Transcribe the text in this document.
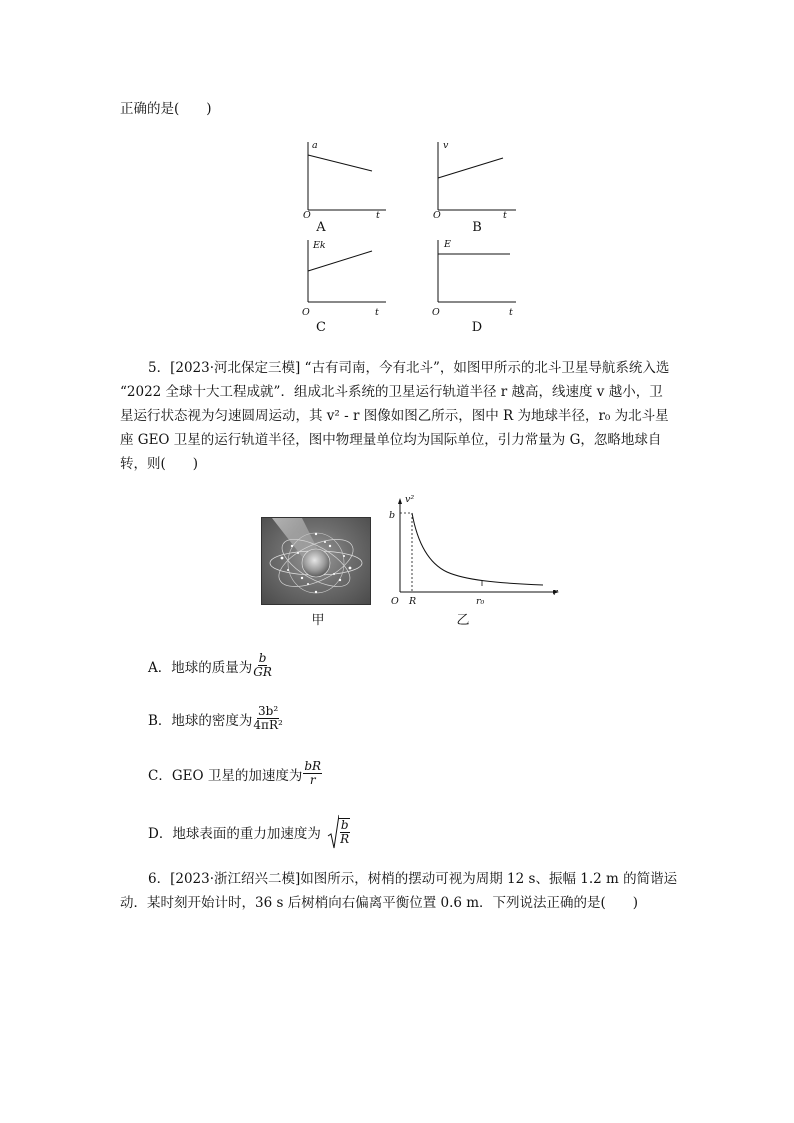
正确的是(　　)
a
O	t
A
v
O	t
B
Ek
O	t
C
E
O	t
D
5．[2023·河北保定三模] “古有司南，今有北斗”，如图甲所示的北斗卫星导航系统入选
“2022 全球十大工程成就”．组成北斗系统的卫星运行轨道半径 r 越高，线速度 v 越小，卫
星运行状态视为匀速圆周运动，其 v² - r 图像如图乙所示，图中 R 为地球半径，r₀ 为北斗星
座 GEO 卫星的运行轨道半径，图中物理量单位均为国际单位，引力常量为 G，忽略地球自
转，则(　　)
甲
v²
b
O R	r₀
r
乙
A．地球的质量为 $\frac{b}{GR}$
B．地球的密度为 $\frac{\text{3b²}}{\text{4πR²}}$
C．GEO 卫星的加速度为 $\frac{bR}{r}$
D．地球表面的重力加速度为 $\frac{b}{R}$
6．[2023·浙江绍兴二模]如图所示，树梢的摆动可视为周期 12 s、振幅 1.2 m 的简谐运
动．某时刻开始计时，36 s 后树梢向右偏离平衡位置 0.6 m．下列说法正确的是(　　)
